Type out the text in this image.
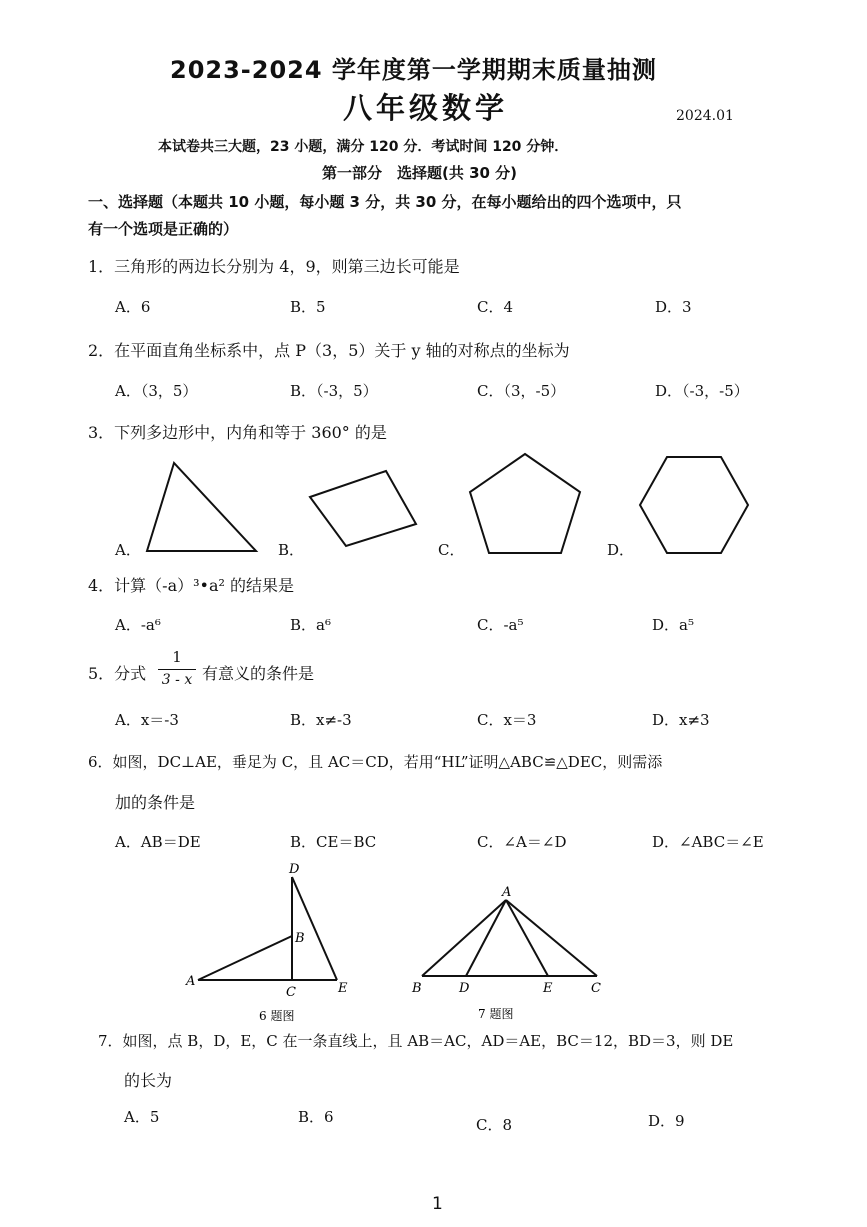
2023-2024 学年度第一学期期末质量抽测
八年级数学	2024.01
本试卷共三大题，23 小题，满分 120 分．考试时间 120 分钟．
第一部分　选择题(共 30 分)
一、选择题（本题共 10 小题，每小题 3 分，共 30 分，在每小题给出的四个选项中，只
有一个选项是正确的）
1．三角形的两边长分别为 4，9，则第三边长可能是
A．6	B．5	C．4	D．3
2．在平面直角坐标系中，点 P（3，5）关于 y 轴的对称点的坐标为
A．（3，5）	B．（-3，5）	C．（3，-5）	D．（-3，-5）
3．下列多边形中，内角和等于 360° 的是
A．	B．	C．	D．
4．计算（-a）³•a² 的结果是
A．-a⁶	B．a⁶	C．-a⁵	D．a⁵
5．分式
1
3 - x 有意义的条件是
A．x＝-3	B．x≠-3	C．x＝3	D．x≠3
6．如图，DC⊥AE，垂足为 C，且 AC＝CD，若用“HL”证明△ABC≌△DEC，则需添
加的条件是
A．AB＝DE	B．CE＝BC	C．∠A＝∠D	D．∠ABC＝∠E
D
B
A
C	E
6 题图
A
B	D	E	C
7 题图
7．如图，点 B，D，E，C 在一条直线上，且 AB＝AC，AD＝AE，BC＝12，BD＝3，则 DE
的长为
A．5	B．6	C．8	D．9
1
